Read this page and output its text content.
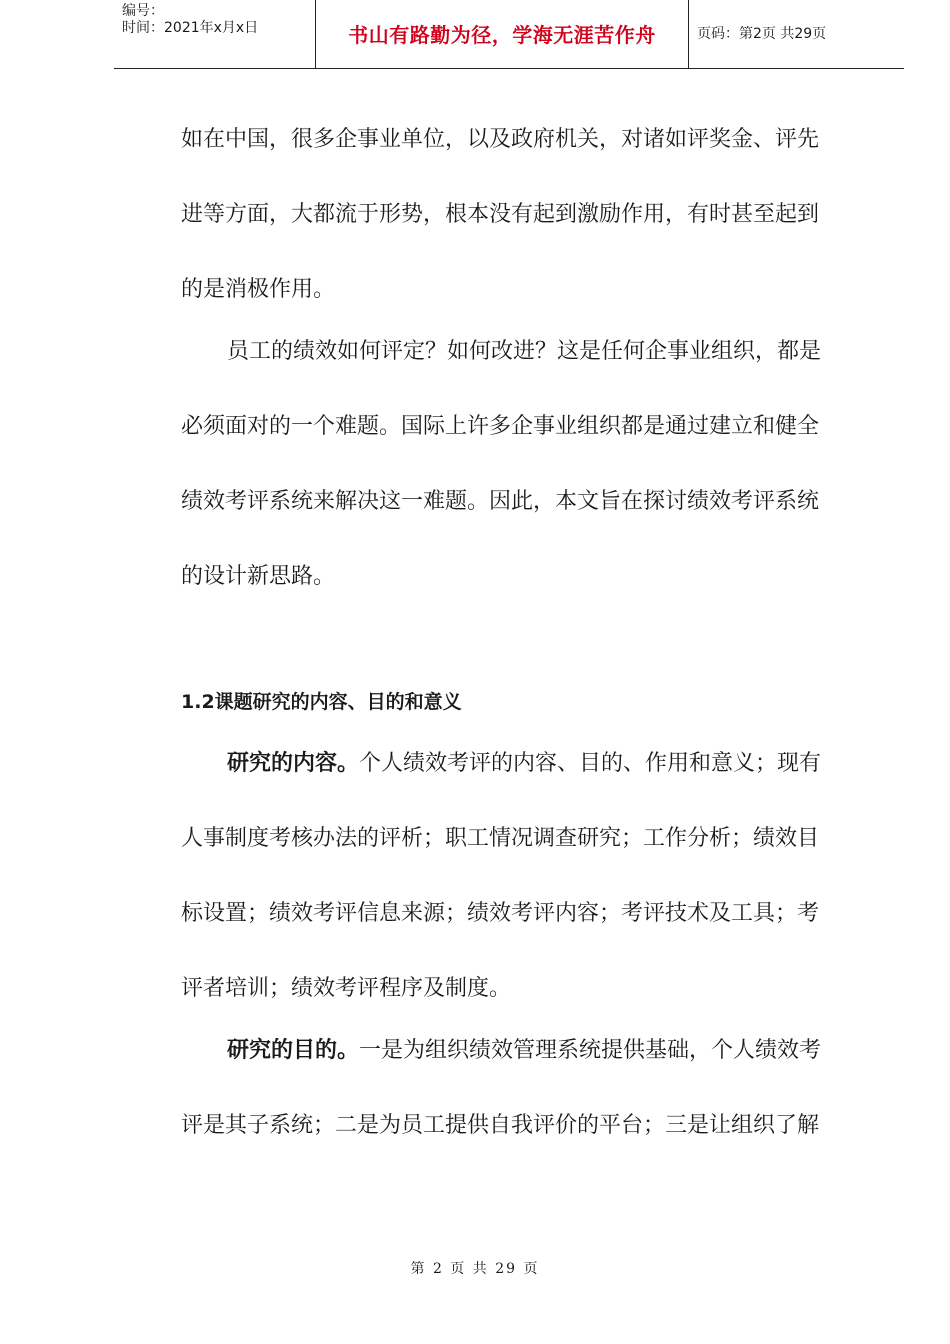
编号：
时间：2021年x月x日	书山有路勤为径，学海无涯苦作舟	页码：第2页 共29页
如在中国，很多企事业单位，以及政府机关，对诸如评奖金、评先
进等方面，大都流于形势，根本没有起到激励作用，有时甚至起到
的是消极作用。
员工的绩效如何评定？如何改进？这是任何企事业组织，都是
必须面对的一个难题。国际上许多企事业组织都是通过建立和健全
绩效考评系统来解决这一难题。因此，本文旨在探讨绩效考评系统
的设计新思路。
1.2课题研究的内容、目的和意义
研究的内容。个人绩效考评的内容、目的、作用和意义；现有
人事制度考核办法的评析；职工情况调查研究；工作分析；绩效目
标设置；绩效考评信息来源；绩效考评内容；考评技术及工具；考
评者培训；绩效考评程序及制度。
研究的目的。一是为组织绩效管理系统提供基础，个人绩效考
评是其子系统；二是为员工提供自我评价的平台；三是让组织了解
第 2 页 共 29 页
